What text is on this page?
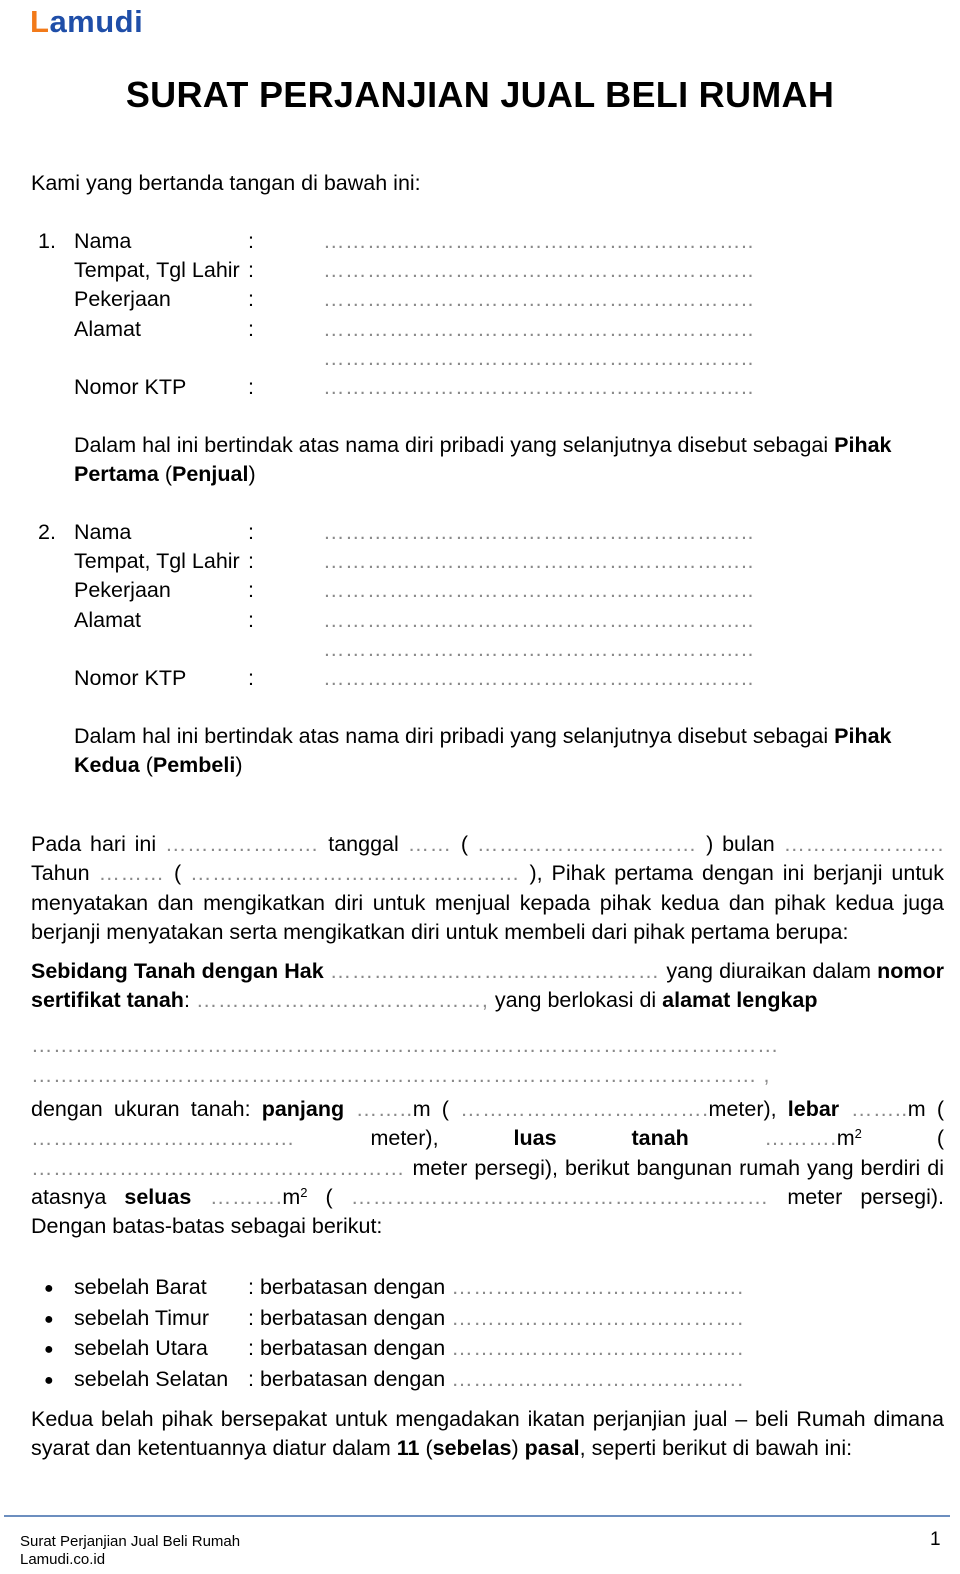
Lamudi
SURAT PERJANJIAN JUAL BELI RUMAH
Kami yang bertanda tangan di bawah ini:
1. Nama	:	…………………………………………………..
Tempat, Tgl Lahir :	…………………………………………………..
Pekerjaan	:	…………………………………………………..
Alamat	:	…………………………………………………..
…………………………………………………..
Nomor KTP	:	…………………………………………………..
Dalam hal ini bertindak atas nama diri pribadi yang selanjutnya disebut sebagai Pihak Pertama (Penjual)
2. Nama	:	…………………………………………………..
Tempat, Tgl Lahir :	…………………………………………………..
Pekerjaan	:	…………………………………………………..
Alamat	:	…………………………………………………..
…………………………………………………..
Nomor KTP	:	…………………………………………………..
Dalam hal ini bertindak atas nama diri pribadi yang selanjutnya disebut sebagai Pihak Kedua (Pembeli)
Pada hari ini ………………… tanggal …… ( ………………………… ) bulan …………………. Tahun ……… ( ……………………………………… ), Pihak pertama dengan ini berjanji untuk menyatakan dan mengikatkan diri untuk menjual kepada pihak kedua dan pihak kedua juga berjanji menyatakan serta mengikatkan diri untuk membeli dari pihak pertama berupa:
Sebidang Tanah dengan Hak ……………………………………… yang diuraikan dalam nomor sertifikat tanah: …………………………………, yang berlokasi di alamat lengkap
…………………………………………………………………………………………
……………………………………………………………………………………… ,
dengan ukuran tanah: panjang ……..m ( …………………………….meter), lebar ……..m ( ……………………………… meter), luas tanah $\dots\dots\dots.m^2$ ( …………………………………………… meter persegi), berikut bangunan rumah yang berdiri di atasnya seluas $\dots\dots\dots.m^2$ ( ………………………………………………… meter persegi). Dengan batas-batas sebagai berikut:
● sebelah Barat : berbatasan dengan ………………………………….
● sebelah Timur : berbatasan dengan ………………………………….
● sebelah Utara : berbatasan dengan ………………………………….
● sebelah Selatan : berbatasan dengan ………………………………….
Kedua belah pihak bersepakat untuk mengadakan ikatan perjanjian jual – beli Rumah dimana syarat dan ketentuannya diatur dalam 11 (sebelas) pasal, seperti berikut di bawah ini:
Surat Perjanjian Jual Beli Rumah
Lamudi.co.id
1
